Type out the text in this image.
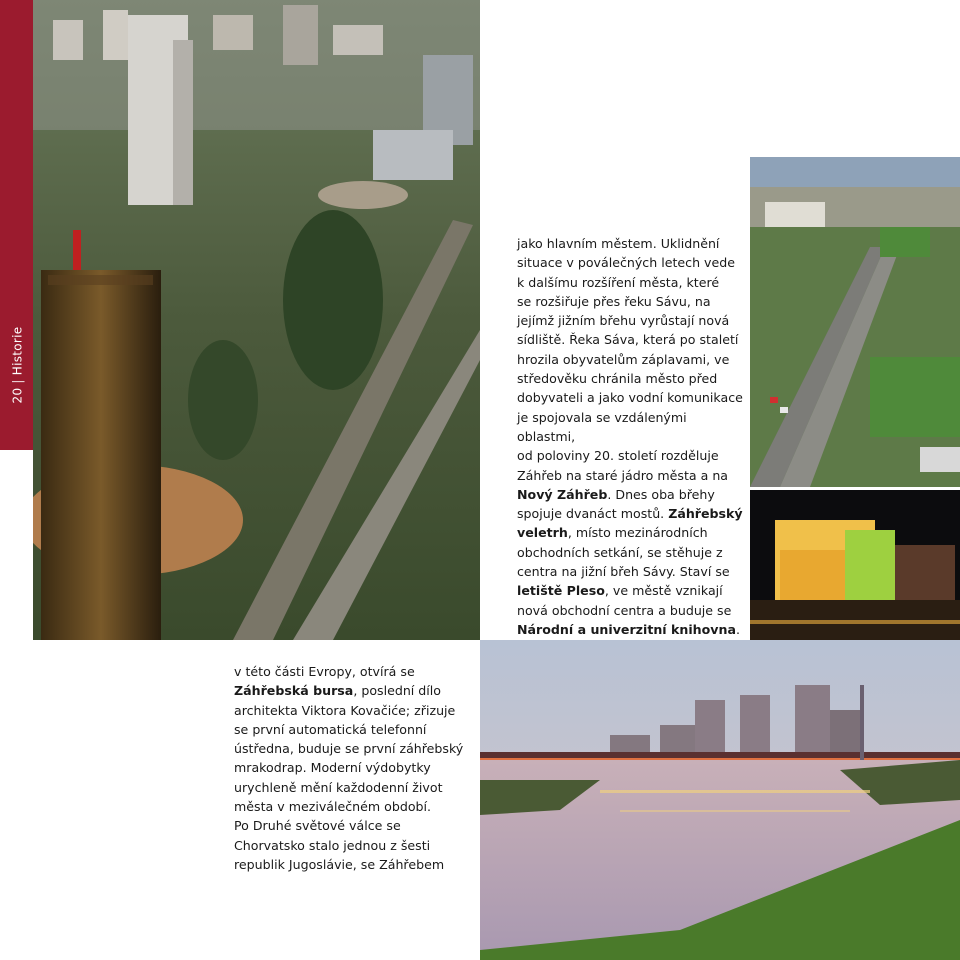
20|Historie

jako hlavním městem. Uklidnění

situace v poválečných letech vede

k dalšímu rozšíření města, které

se rozšiřuje přes řeku Sávu, na

jejímž jižním břehu vyrůstají nová

sídliště. Řeka Sáva, která po staletí

hrozila obyvatelům záplavami, ve

středověku chránila město před

dobyvateli a jako vodní komunikace

je spojovala se vzdálenými oblastmi,

od poloviny 20. století rozděluje

Záhřeb na staré jádro města a na

Nový Záhřeb. Dnes oba břehy

spojuje dvanáct mostů. Záhřebský

veletrh, místo mezinárodních

obchodních setkání, se stěhuje z

centra na jižní břeh Sávy. Staví se

letiště Pleso, ve městě vznikají

nová obchodní centra a buduje se

Národní a univerzitní knihovna.

v této části Evropy, otvírá se

Záhřebská bursa, poslední dílo

architekta Viktora Kovačiće; zřizuje

se první automatická telefonní

ústředna, buduje se první záhřebský

mrakodrap. Moderní výdobytky

urychleně mění každodenní život

města v meziválečném období.

Po Druhé světové válce se

Chorvatsko stalo jednou z šesti

republik Jugoslávie, se Záhřebem
